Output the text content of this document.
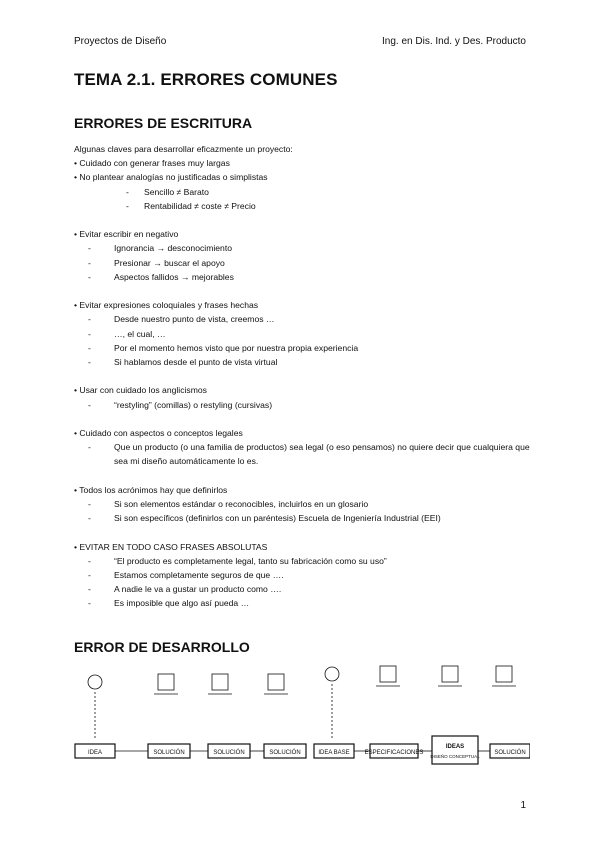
Proyectos de Diseño	Ing. en Dis. Ind. y Des. Producto
TEMA 2.1. ERRORES COMUNES
ERRORES DE ESCRITURA
Algunas claves para desarrollar eficazmente un proyecto:
• Cuidado con generar frases muy largas
• No plantear analogías no justificadas o simplistas
-	Sencillo ≠ Barato
-	Rentabilidad ≠ coste ≠ Precio
• Evitar escribir en negativo
-	Ignorancia → desconocimiento
-	Presionar → buscar el apoyo
-	Aspectos fallidos → mejorables
• Evitar expresiones coloquiales y frases hechas
-	Desde nuestro punto de vista, creemos …
-	…, el cual, …
-	Por el momento hemos visto que por nuestra propia experiencia
-	Si hablamos desde el punto de vista virtual
• Usar con cuidado los anglicismos
-	“restyling” (comillas) o restyling (cursivas)
• Cuidado con aspectos o conceptos legales
-	Que un producto (o una familia de productos) sea legal (o eso pensamos) no quiere decir que cualquiera que sea mi diseño automáticamente lo es.
• Todos los acrónimos hay que definirlos
-	Si son elementos estándar o reconocibles, incluirlos en un glosario
-	Si son específicos (definirlos con un paréntesis) Escuela de Ingeniería Industrial (EEI)
• EVITAR EN TODO CASO FRASES ABSOLUTAS
-	“El producto es completamente legal, tanto su fabricación como su uso”
-	Estamos completamente seguros de que ….
-	A nadie le va a gustar un producto como ….
-	Es imposible que algo así pueda …
ERROR DE DESARROLLO
IDEA	SOLUCIÓN	SOLUCIÓN	SOLUCIÓN	IDEA BASE ESPECIFICACIONES
IDEAS
DISEÑO CONCEPTUAL
SOLUCIÓN
1
